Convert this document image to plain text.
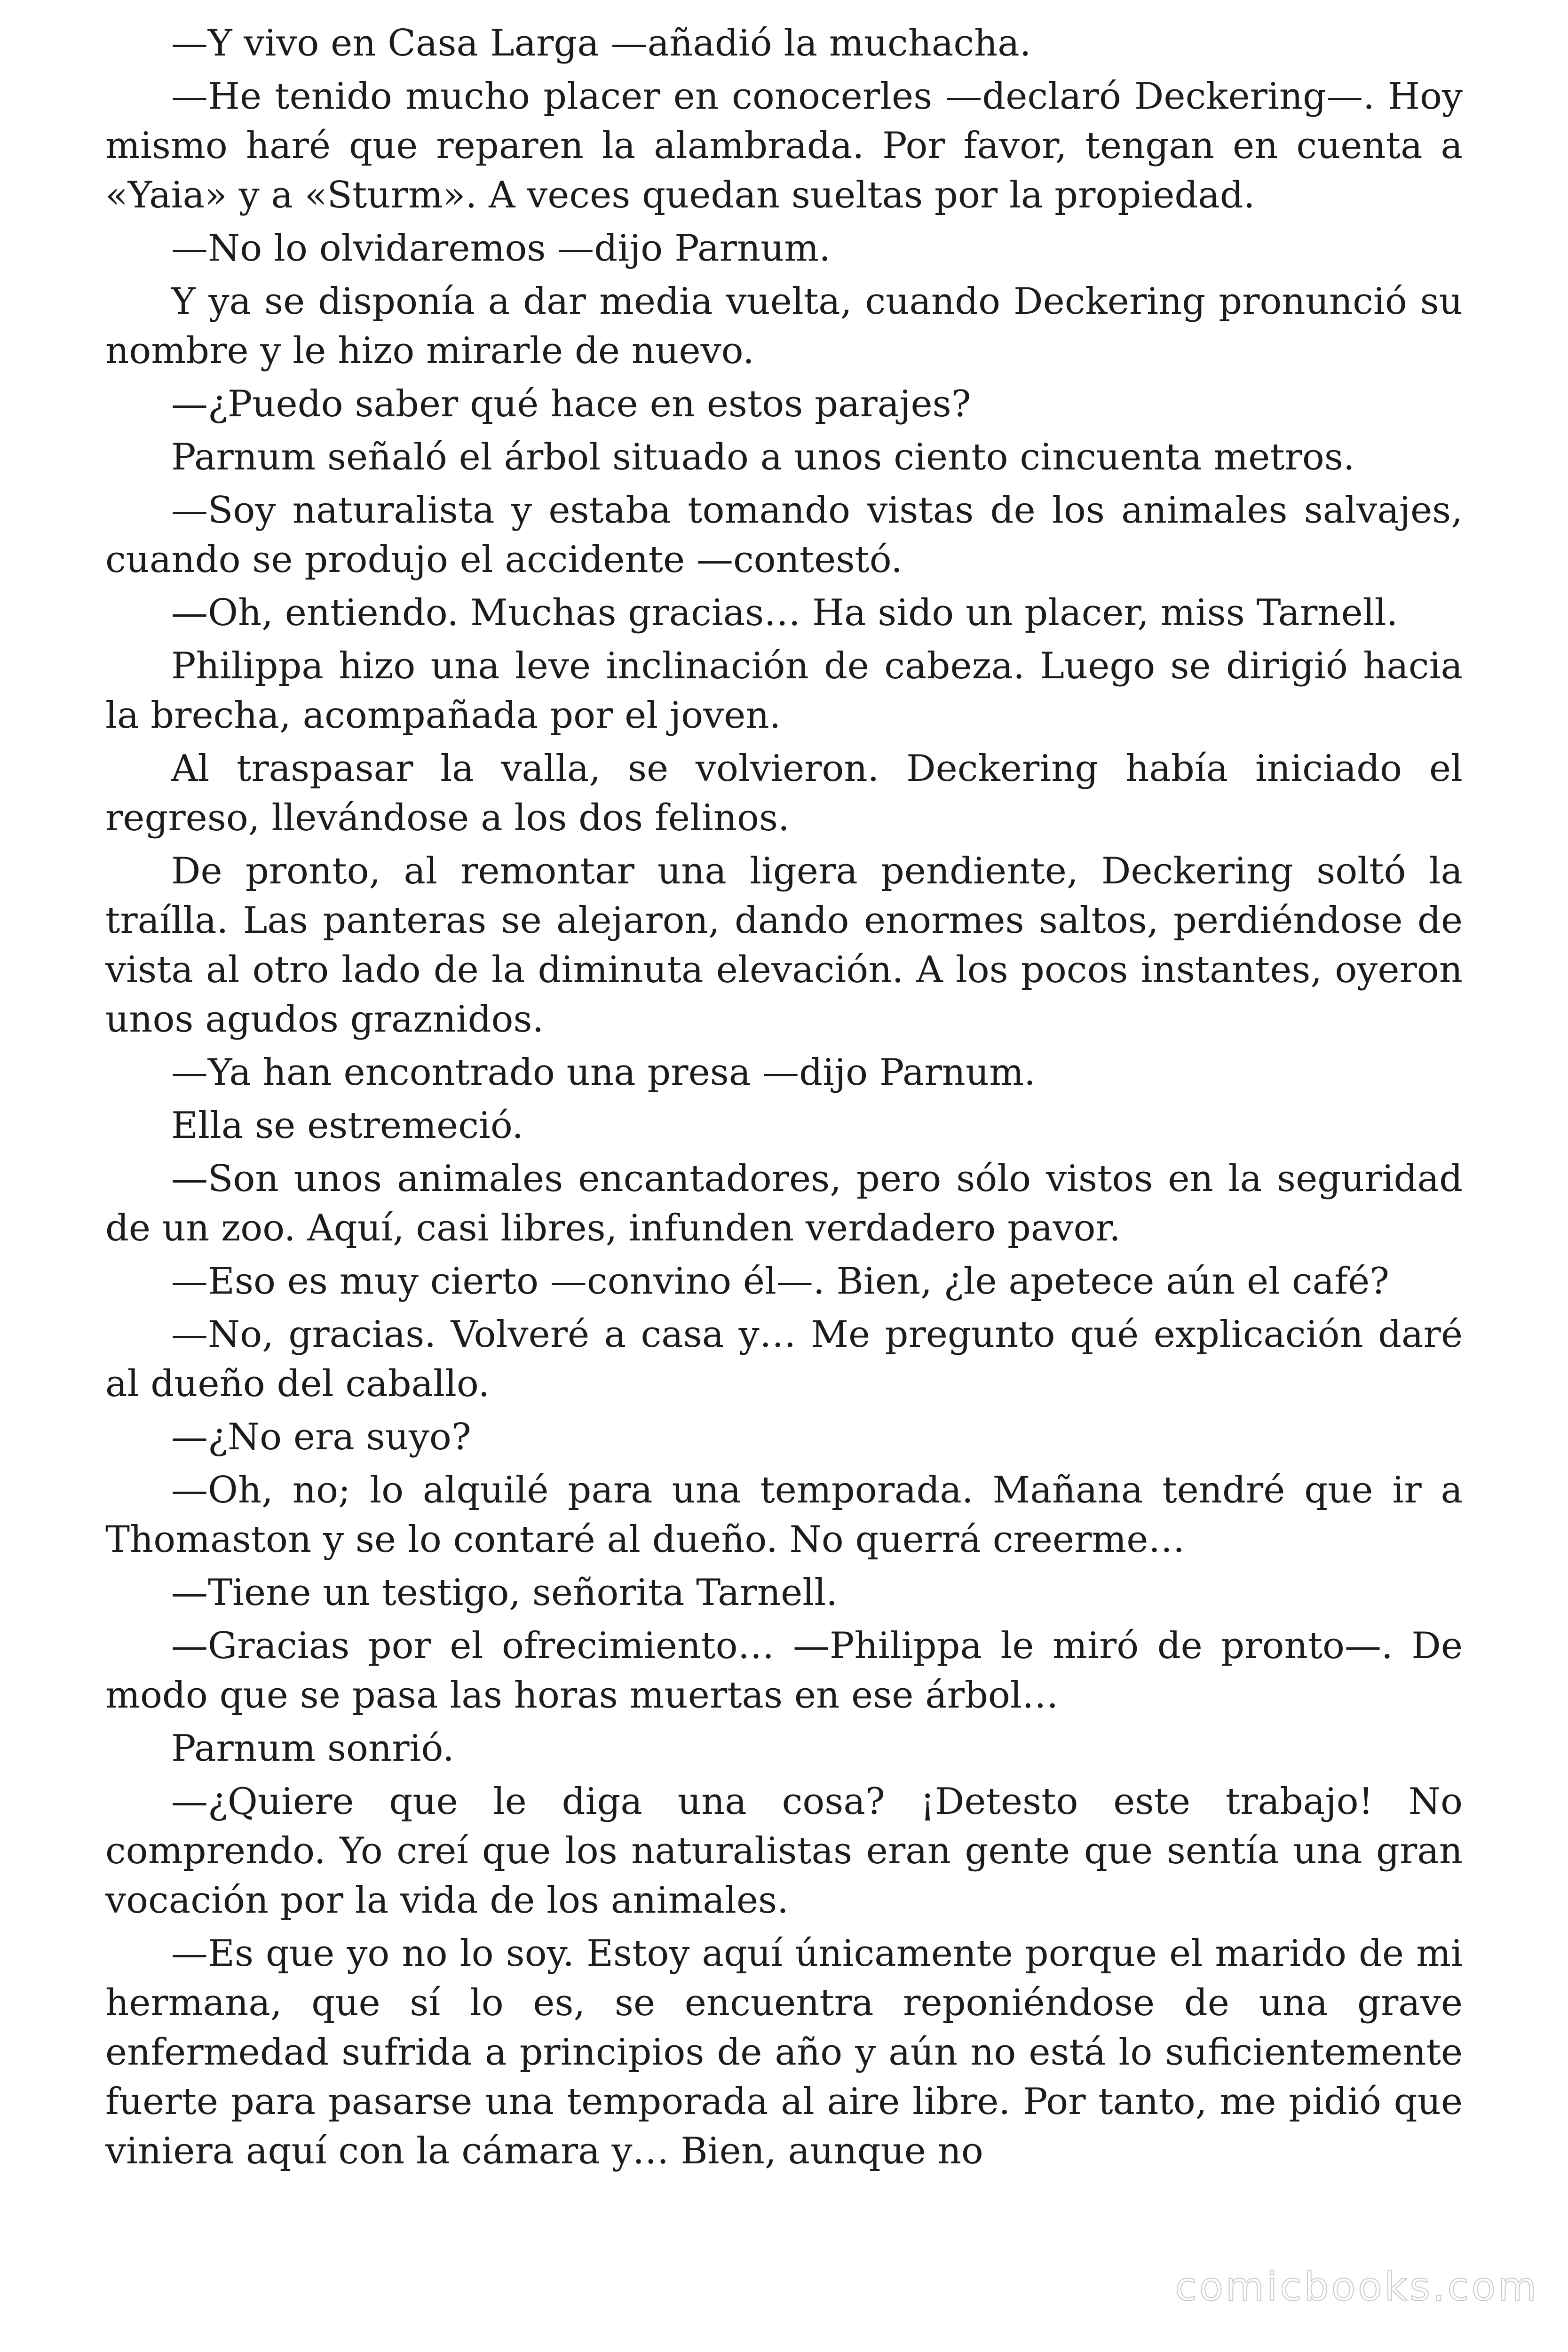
—Y vivo en Casa Larga —añadió la muchacha.

—He tenido mucho placer en conocerles —declaró Deckering—. Hoy mismo haré que reparen la alambrada. Por favor, tengan en cuenta a «Yaia» y a «Sturm». A veces quedan sueltas por la propiedad.

—No lo olvidaremos —dijo Parnum.

Y ya se disponía a dar media vuelta, cuando Deckering pronunció su nombre y le hizo mirarle de nuevo.

—¿Puedo saber qué hace en estos parajes?

Parnum señaló el árbol situado a unos ciento cincuenta metros.

—Soy naturalista y estaba tomando vistas de los animales salvajes, cuando se produjo el accidente —contestó.

—Oh, entiendo. Muchas gracias… Ha sido un placer, miss Tarnell.

Philippa hizo una leve inclinación de cabeza. Luego se dirigió hacia la brecha, acompañada por el joven.

Al traspasar la valla, se volvieron. Deckering había iniciado el regreso, llevándose a los dos felinos.

De pronto, al remontar una ligera pendiente, Deckering soltó la traílla. Las panteras se alejaron, dando enormes saltos, perdiéndose de vista al otro lado de la diminuta elevación. A los pocos instantes, oyeron unos agudos graznidos.

—Ya han encontrado una presa —dijo Parnum.

Ella se estremeció.

—Son unos animales encantadores, pero sólo vistos en la seguridad de un zoo. Aquí, casi libres, infunden verdadero pavor.

—Eso es muy cierto —convino él—. Bien, ¿le apetece aún el café?

—No, gracias. Volveré a casa y… Me pregunto qué explicación daré al dueño del caballo.

—¿No era suyo?

—Oh, no; lo alquilé para una temporada. Mañana tendré que ir a Thomaston y se lo contaré al dueño. No querrá creerme…

—Tiene un testigo, señorita Tarnell.

—Gracias por el ofrecimiento… —Philippa le miró de pronto—. De modo que se pasa las horas muertas en ese árbol…

Parnum sonrió.

—¿Quiere que le diga una cosa? ¡Detesto este trabajo! No comprendo. Yo creí que los naturalistas eran gente que sentía una gran vocación por la vida de los animales.

—Es que yo no lo soy. Estoy aquí únicamente porque el marido de mi hermana, que sí lo es, se encuentra reponiéndose de una grave enfermedad sufrida a principios de año y aún no está lo suficientemente fuerte para pasarse una temporada al aire libre. Por tanto, me pidió que viniera aquí con la cámara y… Bien, aunque no

comicbooks.com
